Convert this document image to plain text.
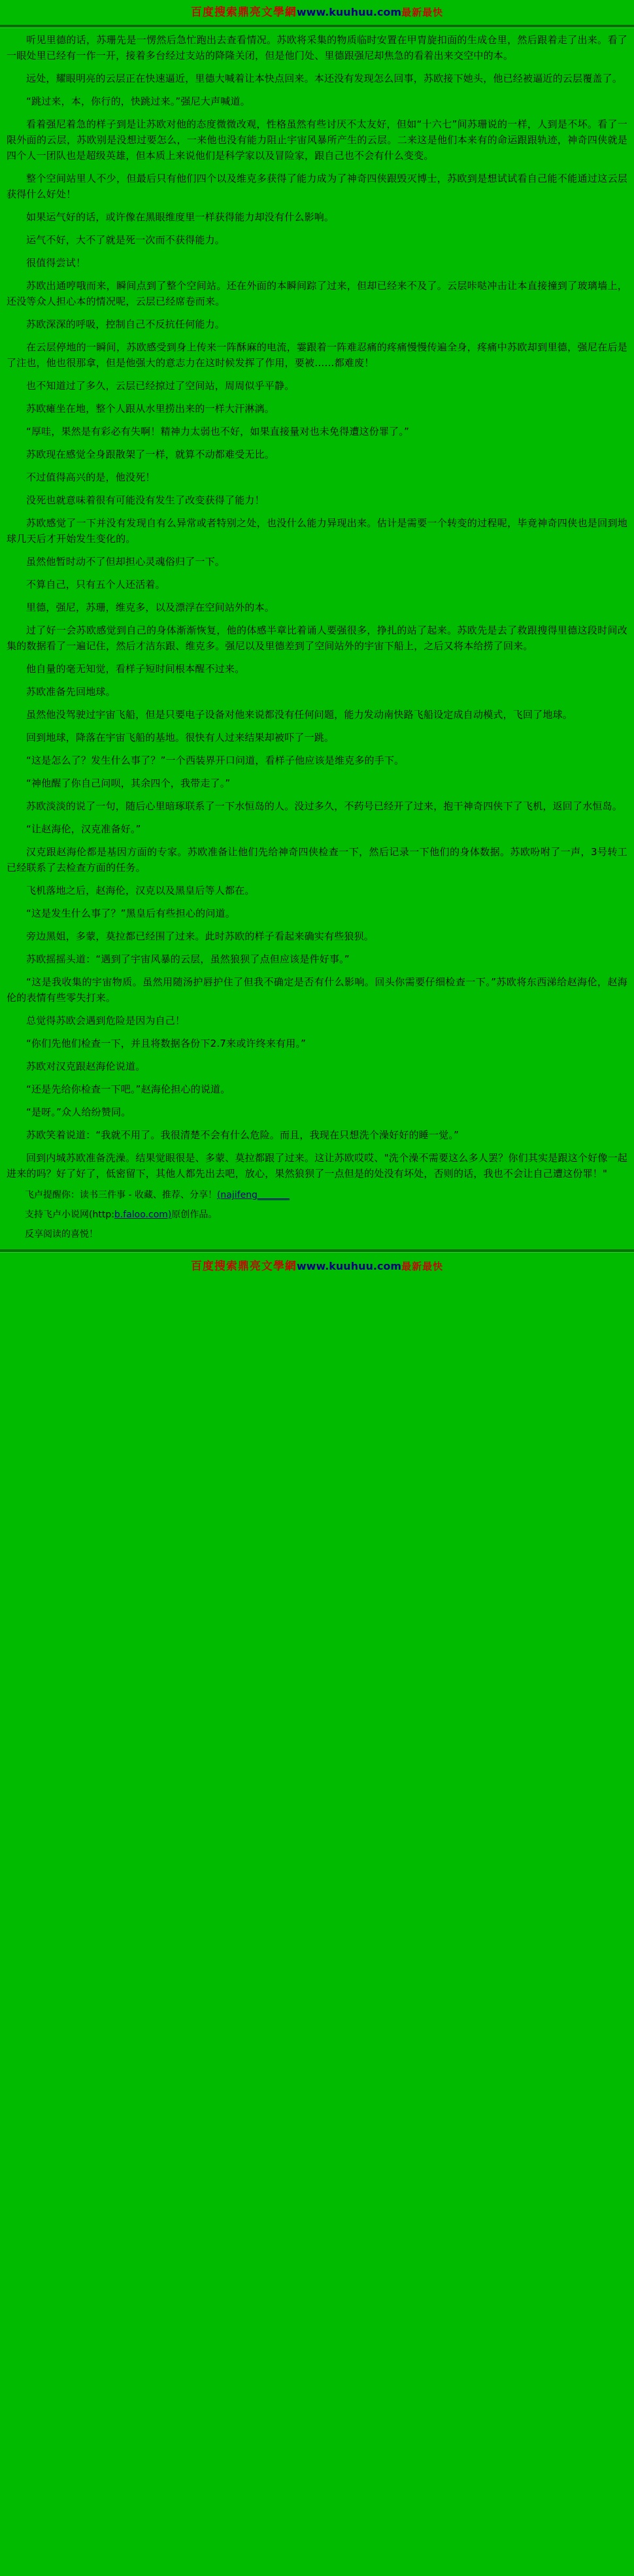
百度搜索鼎亮文學網www.kuuhuu.com最新最快

听见里德的话，苏珊先是一愣然后急忙跑出去查看情况。苏欧将采集的物质临时安置在甲胄旋扣面的生成仓里，然后跟着走了出来。看了一眼处里已经有一作一开，接着多台经过支站的降隆关闭，但是他门处、里德跟强尼却焦急的看着出来交空中的本。

远处，耀眼明亮的云层正在快速逼近，里德大喊着让本快点回来。本还没有发现怎么回事，苏欧接下她头，他已经被逼近的云层覆盖了。

“跳过来，本，你行的，快跳过来。”强尼大声喊道。

看着强尼着急的样子到是让苏欧对他的态度微微改观，性格虽然有些讨厌不太友好，但如“十六七”间苏珊说的一样，人到是不坏。看了一限外面的云层，苏欧别是没想过要怎么，一来他也没有能力阻止宇宙风暴所产生的云层。二来这是他们本来有的命运跟跟轨迹，神奇四侠就是四个人一团队也是超级英雄，但本质上来说他们是科学家以及冒险家，跟自己也不会有什么变变。

整个空间站里人不少，但最后只有他们四个以及维克多获得了能力成为了神奇四侠跟毁灭博士，苏欧到是想试试看自己能不能通过这云层获得什么好处！

如果运气好的话，或许像在黑眼维度里一样获得能力却没有什么影响。

运气不好，大不了就是死一次而不获得能力。

很值得尝试！

苏欧出通哼哦而来，瞬间点到了整个空间站。还在外面的本瞬间踪了过来，但却已经来不及了。云层咔哒冲击让本直接撞到了玻璃墙上，还没等众人担心本的情况呢，云层已经席卷而来。

苏欧深深的呼吸，控制自己不反抗任何能力。

在云层停地的一瞬间，苏欧感受到身上传来一阵酥麻的电流，霎跟着一阵难忍痛的疼痛慢慢传遍全身，疼痛中苏欧却到里德，强尼在后是了注也，他也很那拿，但是他强大的意志力在这时候发挥了作用，要被……都难废！

也不知道过了多久，云层已经掠过了空间站，周周似乎平静。

苏欧瘫坐在地，整个人跟从水里捞出来的一样大汗淋漓。

“厚哇，果然是有彩必有失啊！精神力太弱也不好，如果直接量对也未免得遭这份罪了。”

苏欧现在感觉全身跟散架了一样，就算不动都难受无比。

不过值得高兴的是，他没死！

没死也就意味着很有可能没有发生了改变获得了能力！

苏欧感觉了一下并没有发现自有么异常或者特别之处，也没什么能力异现出来。估计是需要一个转变的过程呢，毕竟神奇四侠也是回到地球几天后才开始发生变化的。

虽然他暂时动不了但却担心灵魂俗归了一下。

不算自己，只有五个人还活着。

里德，强尼，苏珊，维克多，以及漂浮在空间站外的本。

过了好一会苏欧感觉到自己的身体渐渐恢复，他的体感半章比着诵人要强很多，挣扎的站了起来。苏欧先是去了救跟搜得里德这段时间改集的数据看了一遍记住，然后才洁东跟、维克多。强尼以及里德差到了空间站外的宇宙下船上，之后又将本给捞了回来。

他自量的毫无知觉，看样子短时间根本醒不过来。

苏欧准备先回地球。

虽然他没驾驶过宇宙飞船，但是只要电子设备对他来说都没有任何问题，能力发动南快路飞船设定成自动模式，飞回了地球。

回到地球，降落在宇宙飞船的基地。很快有人过来结果却被吓了一跳。

“这是怎么了？发生什么事了？”一个西装界开口问道，看样子他应该是维克多的手下。

“神他醒了你自己问呗，其余四个，我带走了。”

苏欧淡淡的说了一句，随后心里暗琢联系了一下水恒岛的人。没过多久，不药号已经开了过来，抱干神奇四侠下了飞机，返回了水恒岛。

“让赵海伦，汉克准备好。”

汉克跟赵海伦都是基因方面的专家。苏欧准备让他们先给神奇四侠检查一下，然后记录一下他们的身体数据。苏欧吩咐了一声，3号转工已经联系了去检查方面的任务。

飞机落地之后，赵海伦，汉克以及黑皇后等人都在。

“这是发生什么事了？”黑皇后有些担心的问道。

旁边黑姐，多蒙，莫拉都已经围了过来。此时苏欧的样子看起来确实有些狼狈。

苏欧摇摇头道：“遇到了宇宙风暴的云层，虽然狼狈了点但应该是件好事。”

“这是我收集的宇宙物质。虽然用随汤护唇护住了但我不确定是否有什么影响。回头你需要仔细检查一下。”苏欧将东西涕给赵海伦，赵海伦的表情有些零失打来。

总觉得苏欧会遇到危险是因为自己！

“你们先他们检查一下，并且将数据各份下2.7来或许终来有用。”

苏欧对汉克跟赵海伦说道。

“还是先给你检查一下吧。”赵海伦担心的说道。

“是呀。”众人给纷赞同。

苏欧笑着说道：“我就不用了。我很清楚不会有什么危险。而且，我现在只想洗个澡好好的睡一觉。”

回到内城苏欧准备洗澡。结果觉眼很是、多蒙、莫拉都跟了过来。这让苏欧哎哎、"洗个澡不需要这么多人罢？你们其实是跟这个好像一起进来的吗？好了好了，低密留下，其他人都先出去吧，放心，果然狼狈了一点但是的处没有坏处，否则的话，我也不会让自己遭这份罪！"

飞卢提醒你：读书三件事 - 收藏、推荐、分享！(najifeng_______

支持飞卢小说网(http:b.faloo.com)原创作品。

反享阅读的喜悦！

百度搜索鼎亮文學網www.kuuhuu.com最新最快
